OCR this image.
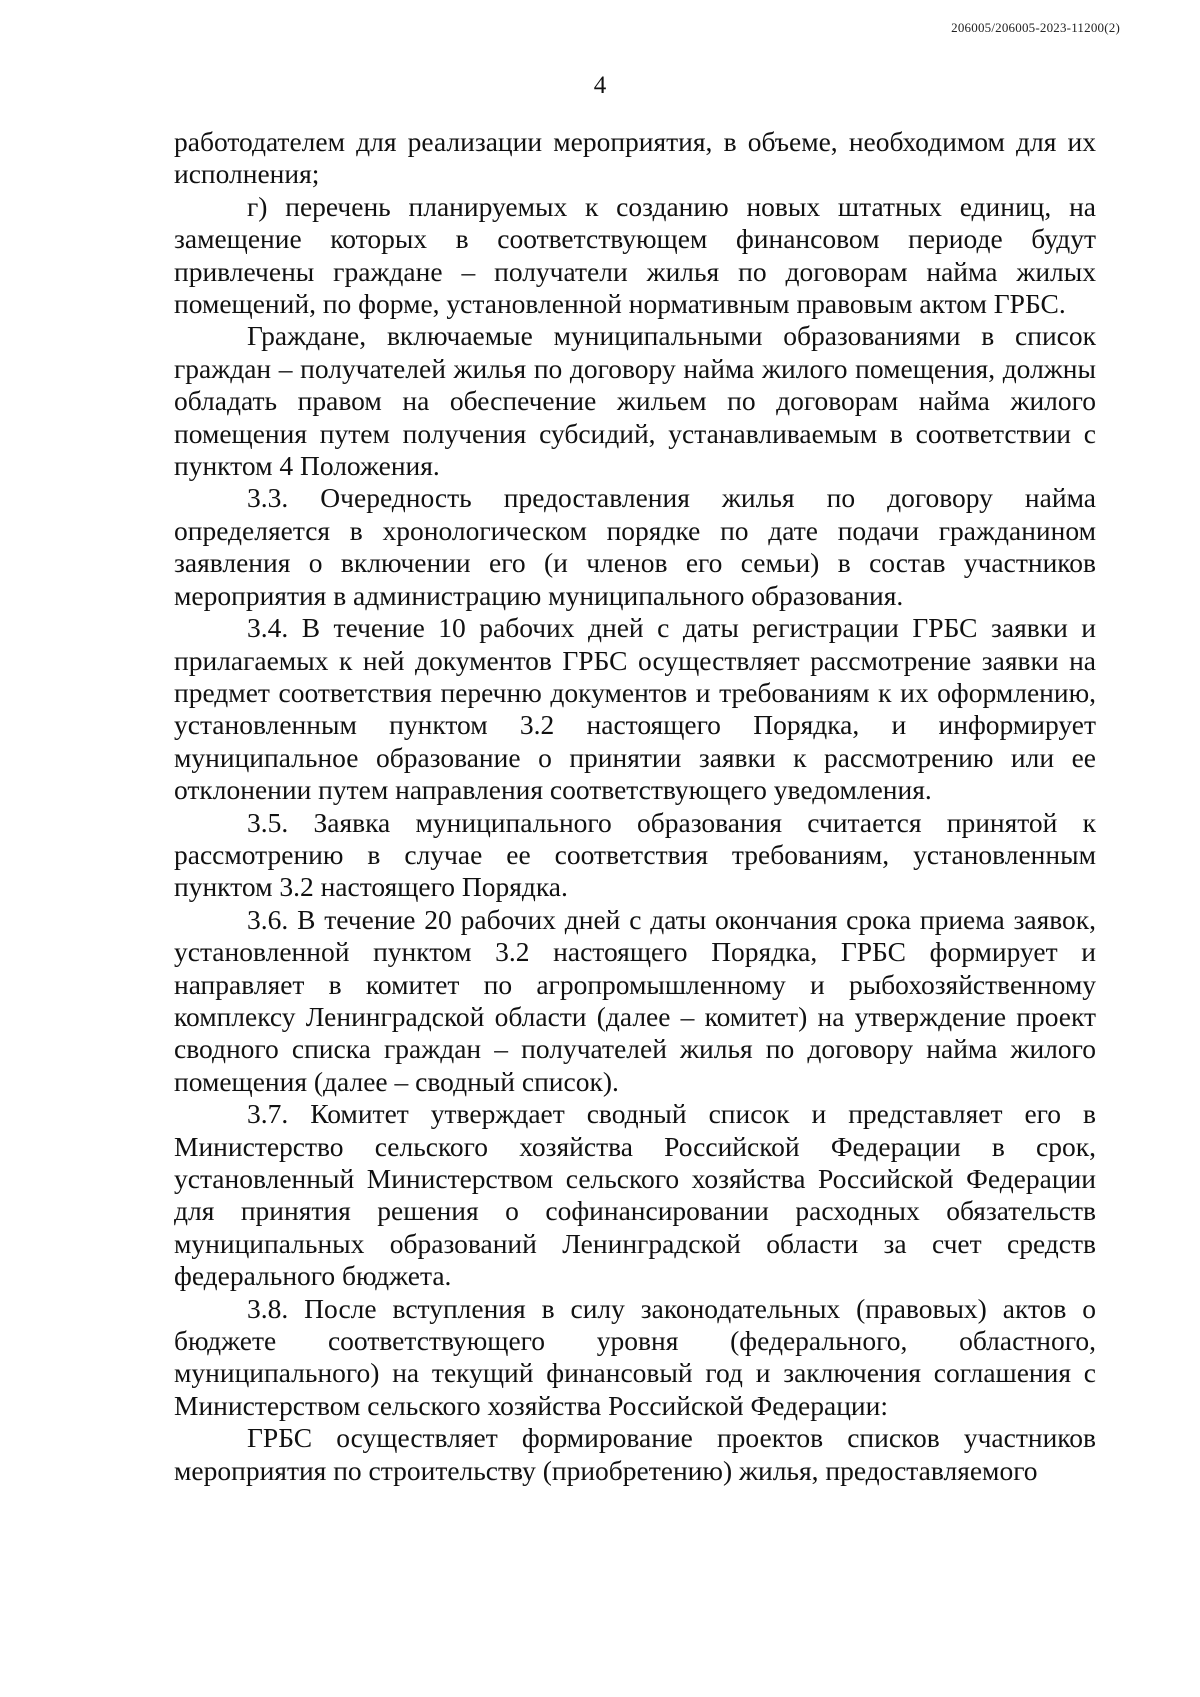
206005/206005-2023-11200(2)
4

работодателем для реализации мероприятия, в объеме, необходимом для их исполнения;

г) перечень планируемых к созданию новых штатных единиц, на замещение которых в соответствующем финансовом периоде будут привлечены граждане – получатели жилья по договорам найма жилых помещений, по форме, установленной нормативным правовым актом ГРБС.

Граждане, включаемые муниципальными образованиями в список граждан – получателей жилья по договору найма жилого помещения, должны обладать правом на обеспечение жильем по договорам найма жилого помещения путем получения субсидий, устанавливаемым в соответствии с пунктом 4 Положения.

3.3. Очередность предоставления жилья по договору найма определяется в хронологическом порядке по дате подачи гражданином заявления о включении его (и членов его семьи) в состав участников мероприятия в администрацию муниципального образования.

3.4. В течение 10 рабочих дней с даты регистрации ГРБС заявки и прилагаемых к ней документов ГРБС осуществляет рассмотрение заявки на предмет соответствия перечню документов и требованиям к их оформлению, установленным пунктом 3.2 настоящего Порядка, и информирует муниципальное образование о принятии заявки к рассмотрению или ее отклонении путем направления соответствующего уведомления.

3.5. Заявка муниципального образования считается принятой к рассмотрению в случае ее соответствия требованиям, установленным пунктом 3.2 настоящего Порядка.

3.6. В течение 20 рабочих дней с даты окончания срока приема заявок, установленной пунктом 3.2 настоящего Порядка, ГРБС формирует и направляет в комитет по агропромышленному и рыбохозяйственному комплексу Ленинградской области (далее – комитет) на утверждение проект сводного списка граждан – получателей жилья по договору найма жилого помещения (далее – сводный список).

3.7. Комитет утверждает сводный список и представляет его в Министерство сельского хозяйства Российской Федерации в срок, установленный Министерством сельского хозяйства Российской Федерации для принятия решения о софинансировании расходных обязательств муниципальных образований Ленинградской области за счет средств федерального бюджета.

3.8. После вступления в силу законодательных (правовых) актов о бюджете соответствующего уровня (федерального, областного, муниципального) на текущий финансовый год и заключения соглашения с Министерством сельского хозяйства Российской Федерации:

ГРБС осуществляет формирование проектов списков участников мероприятия по строительству (приобретению) жилья, предоставляемого
